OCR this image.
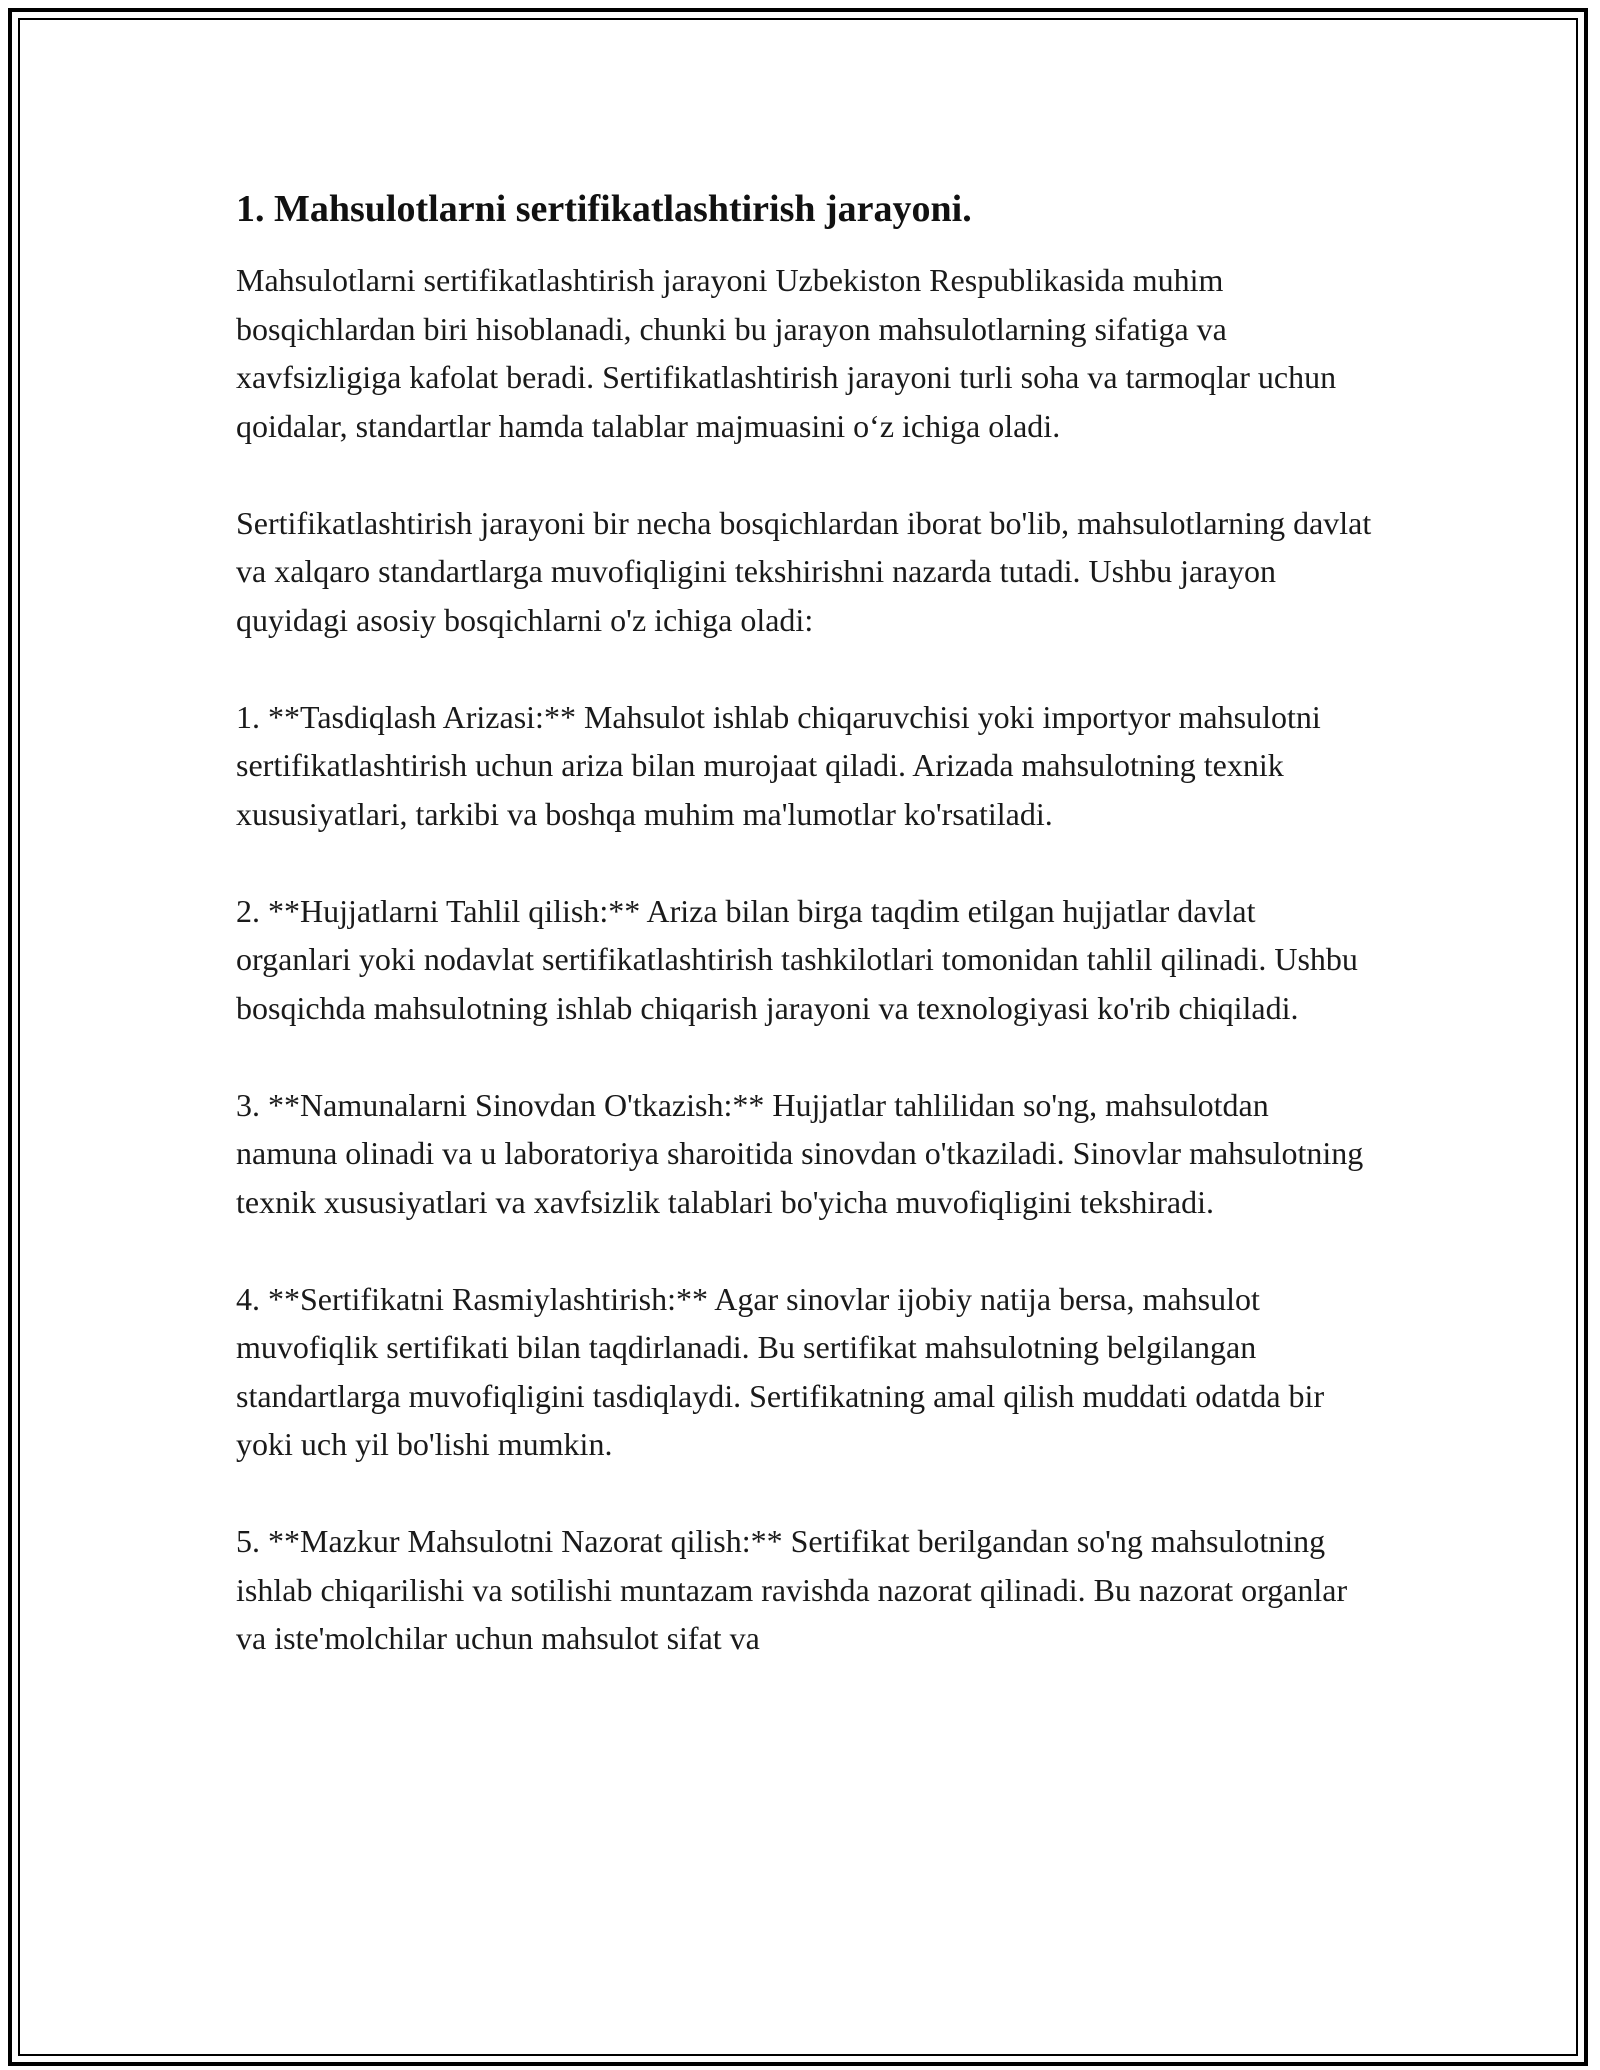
1. Mahsulotlarni sertifikatlashtirish jarayoni.

Mahsulotlarni sertifikatlashtirish jarayoni Uzbekiston Respublikasida muhim bosqichlardan biri hisoblanadi, chunki bu jarayon mahsulotlarning sifatiga va xavfsizligiga kafolat beradi. Sertifikatlashtirish jarayoni turli soha va tarmoqlar uchun qoidalar, standartlar hamda talablar majmuasini o‘z ichiga oladi.

Sertifikatlashtirish jarayoni bir necha bosqichlardan iborat bo'lib, mahsulotlarning davlat va xalqaro standartlarga muvofiqligini tekshirishni nazarda tutadi. Ushbu jarayon quyidagi asosiy bosqichlarni o'z ichiga oladi:

1. **Tasdiqlash Arizasi:** Mahsulot ishlab chiqaruvchisi yoki importyor mahsulotni sertifikatlashtirish uchun ariza bilan murojaat qiladi. Arizada mahsulotning texnik xususiyatlari, tarkibi va boshqa muhim ma'lumotlar ko'rsatiladi.

2. **Hujjatlarni Tahlil qilish:** Ariza bilan birga taqdim etilgan hujjatlar davlat organlari yoki nodavlat sertifikatlashtirish tashkilotlari tomonidan tahlil qilinadi. Ushbu bosqichda mahsulotning ishlab chiqarish jarayoni va texnologiyasi ko'rib chiqiladi.

3. **Namunalarni Sinovdan O'tkazish:** Hujjatlar tahlilidan so'ng, mahsulotdan namuna olinadi va u laboratoriya sharoitida sinovdan o'tkaziladi. Sinovlar mahsulotning texnik xususiyatlari va xavfsizlik talablari bo'yicha muvofiqligini tekshiradi.

4. **Sertifikatni Rasmiylashtirish:** Agar sinovlar ijobiy natija bersa, mahsulot muvofiqlik sertifikati bilan taqdirlanadi. Bu sertifikat mahsulotning belgilangan standartlarga muvofiqligini tasdiqlaydi. Sertifikatning amal qilish muddati odatda bir yoki uch yil bo'lishi mumkin.

5. **Mazkur Mahsulotni Nazorat qilish:** Sertifikat berilgandan so'ng mahsulotning ishlab chiqarilishi va sotilishi muntazam ravishda nazorat qilinadi. Bu nazorat organlar va iste'molchilar uchun mahsulot sifat va
